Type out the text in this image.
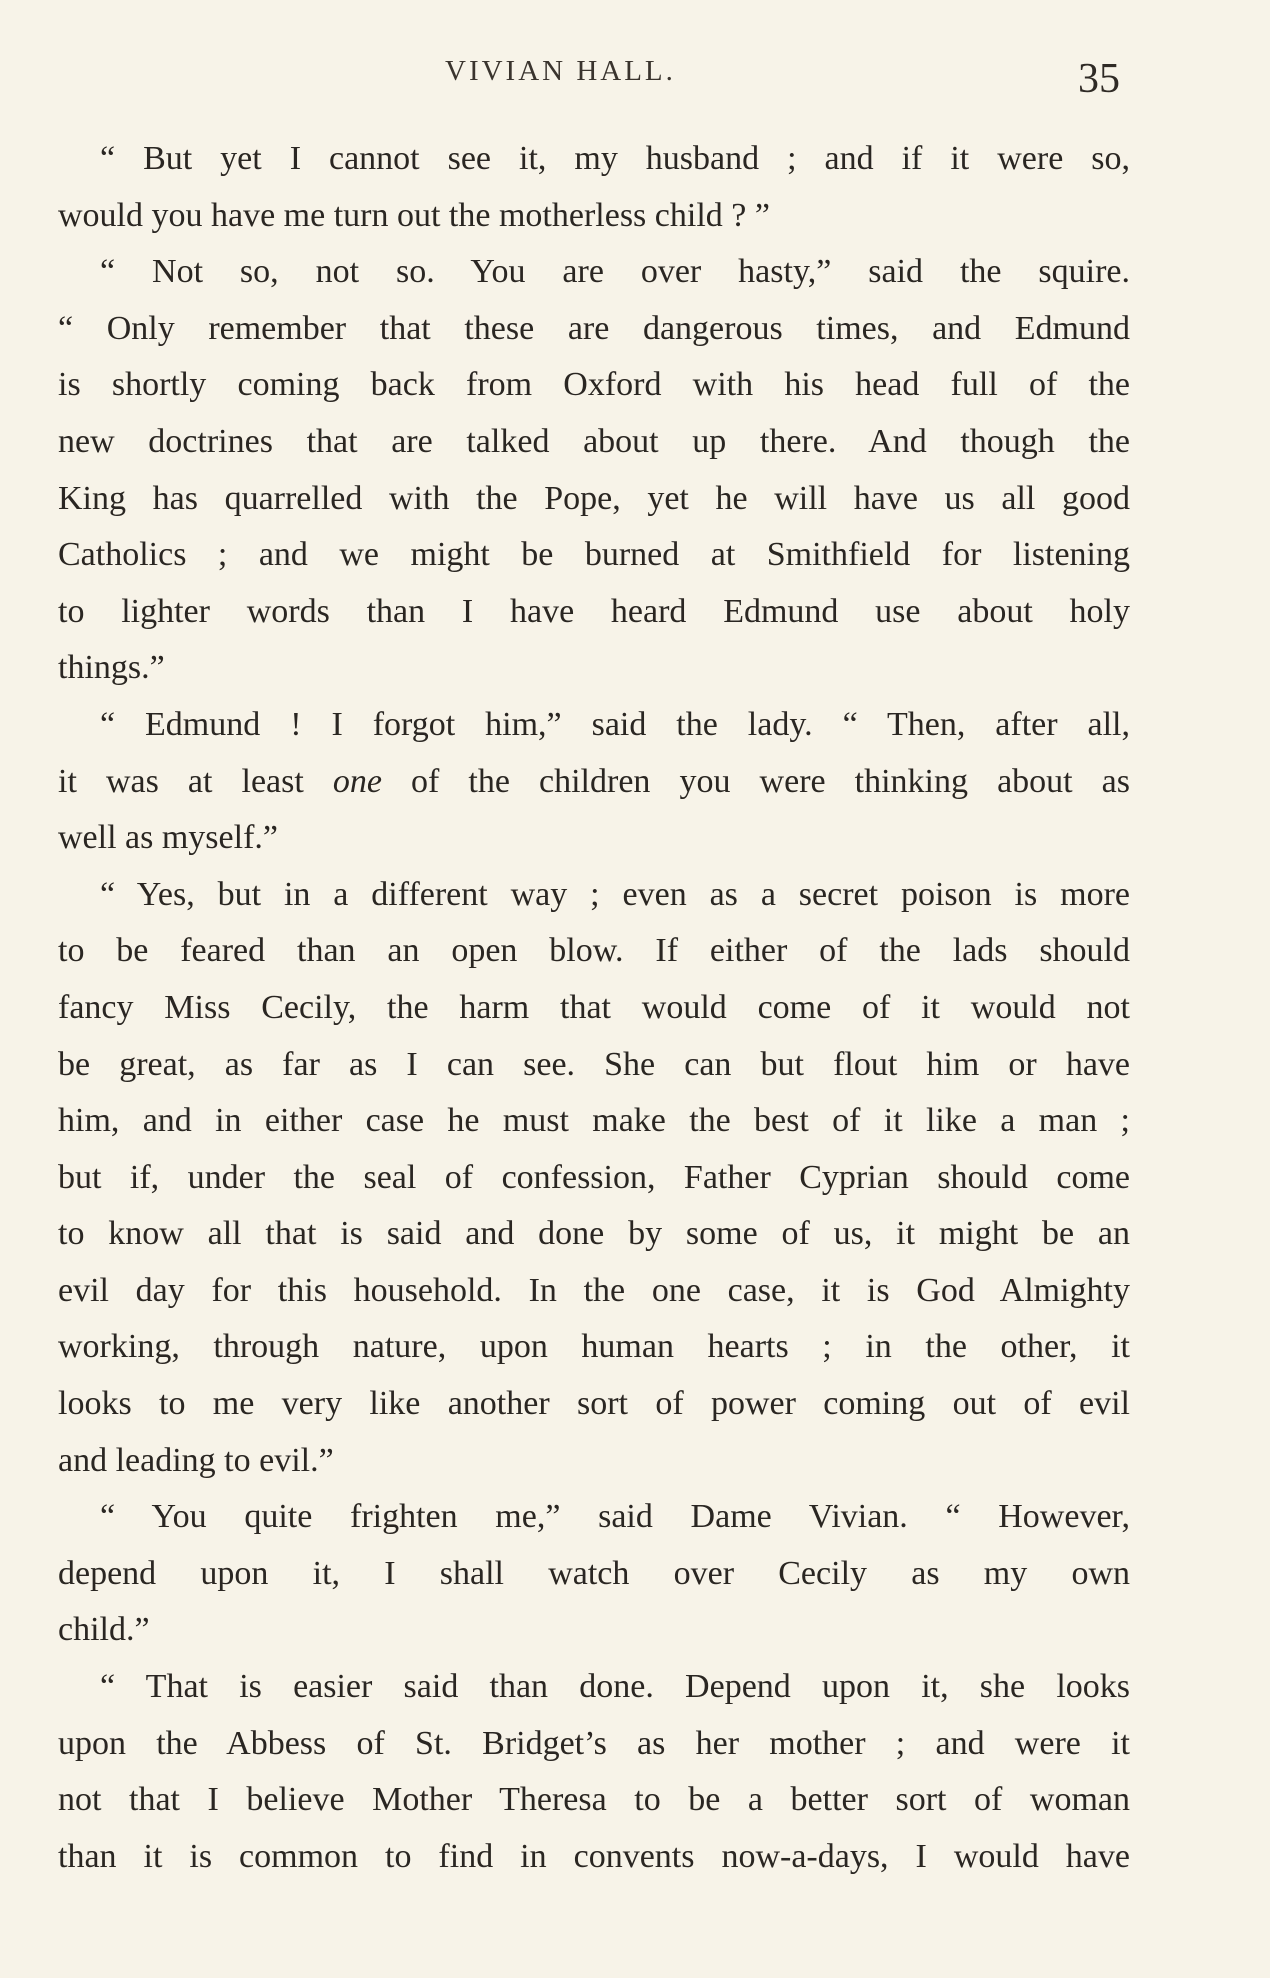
VIVIAN HALL.	35
“ But yet I cannot see it, my husband ; and if it were so,
would you have me turn out the motherless child ? ”
“ Not so, not so. You are over hasty,” said the squire.
“ Only remember that these are dangerous times, and Edmund
is shortly coming back from Oxford with his head full of the
new doctrines that are talked about up there. And though the
King has quarrelled with the Pope, yet he will have us all good
Catholics ; and we might be burned at Smithfield for listening
to lighter words than I have heard Edmund use about holy
things.”
“ Edmund ! I forgot him,” said the lady. “ Then, after all,
it was at least one of the children you were thinking about as
well as myself.”
“ Yes, but in a different way ; even as a secret poison is more
to be feared than an open blow. If either of the lads should
fancy Miss Cecily, the harm that would come of it would not
be great, as far as I can see. She can but flout him or have
him, and in either case he must make the best of it like a man ;
but if, under the seal of confession, Father Cyprian should come
to know all that is said and done by some of us, it might be an
evil day for this household. In the one case, it is God Almighty
working, through nature, upon human hearts ; in the other, it
looks to me very like another sort of power coming out of evil
and leading to evil.”
“ You quite frighten me,” said Dame Vivian. “ However,
depend upon it, I shall watch over Cecily as my own
child.”
“ That is easier said than done. Depend upon it, she looks
upon the Abbess of St. Bridget’s as her mother ; and were it
not that I believe Mother Theresa to be a better sort of woman
than it is common to find in convents now-a-days, I would have
